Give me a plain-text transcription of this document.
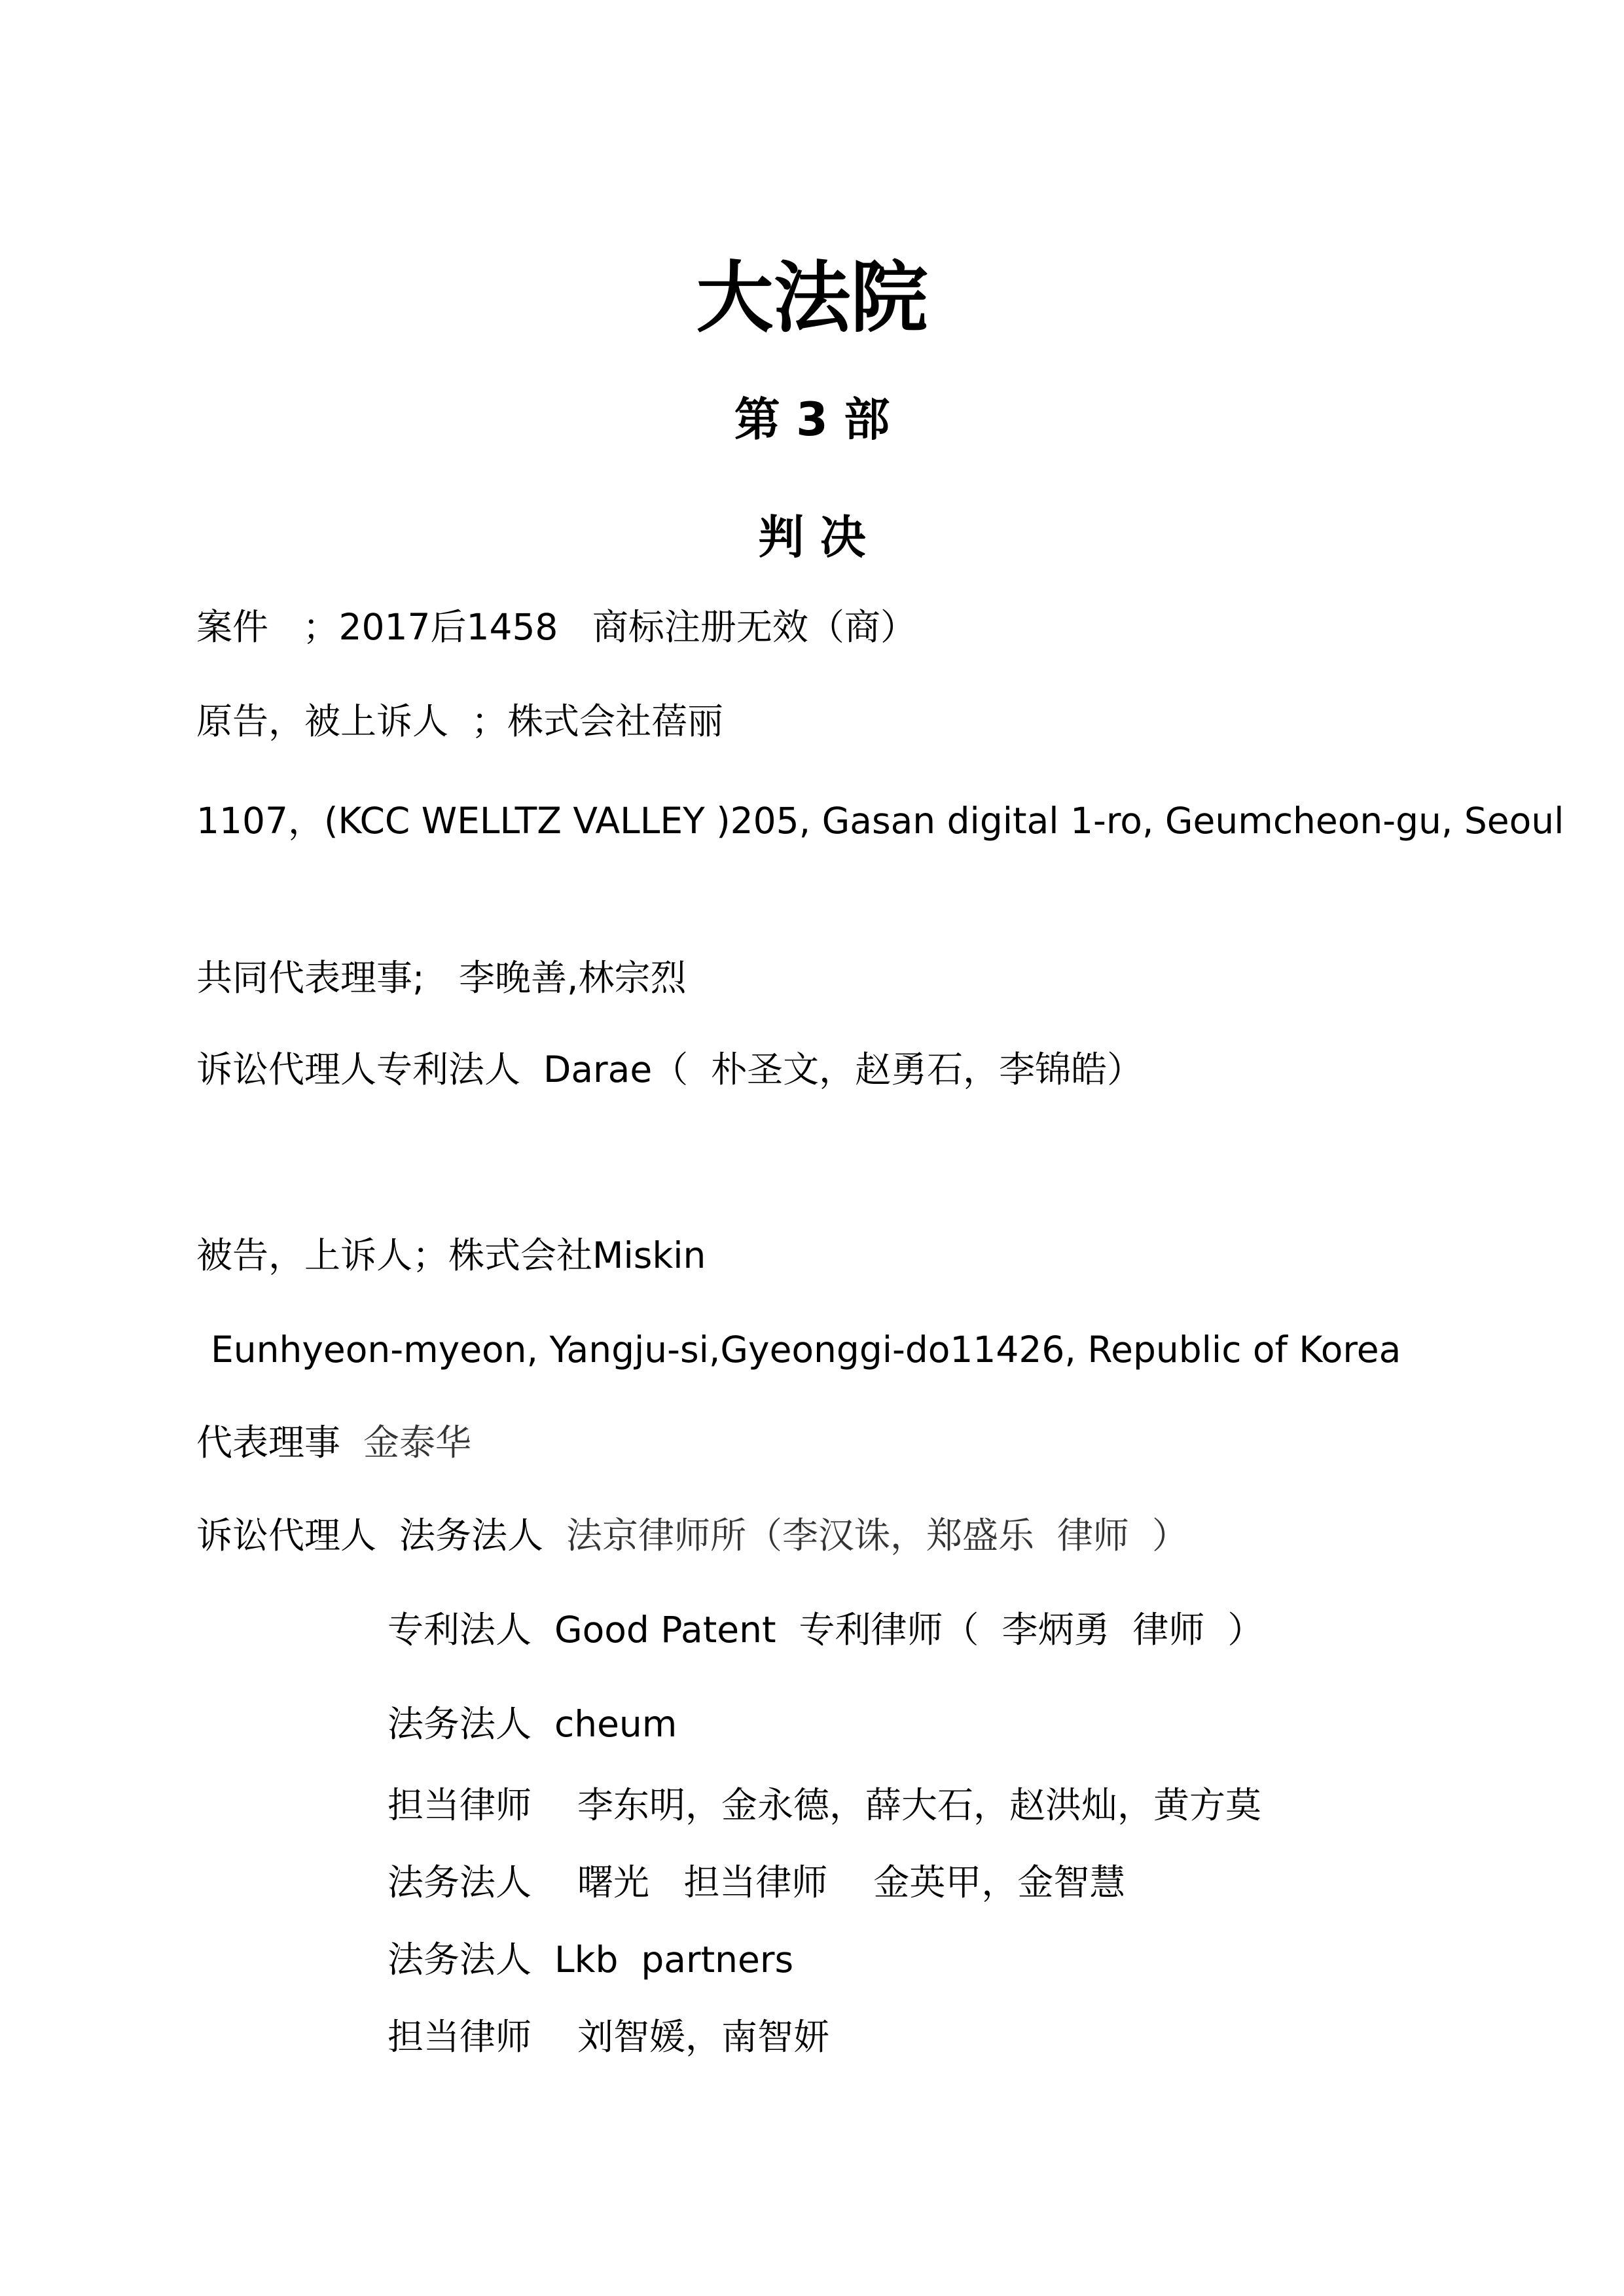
大法院
第 3 部
判 决
案件 ；2017后1458   商标注册无效（商）
原告，被上诉人 ；株式会社蓓丽
1107，(KCC WELLTZ VALLEY )205, Gasan digital 1-ro, Geumcheon-gu, Seoul
共同代表理事; 李晚善,林宗烈
诉讼代理人专利法人 Darae（  朴圣文，赵勇石，李锦皓）
被告，上诉人；株式会社Miskin
Eunhyeon-myeon, Yangju-si,Gyeonggi-do11426, Republic of Korea
代表理事 金泰华
诉讼代理人 法务法人 法京律师所（李汉诛，郑盛乐  律师  ）
专利法人 Good Patent  专利律师（  李炳勇  律师  ）
法务法人 cheum
担当律师 李东明，金永德，薛大石，赵洪灿，黄方莫
法务法人 曙光   担当律师    金英甲，金智慧
法务法人 Lkb  partners
担当律师 刘智媛，南智妍
